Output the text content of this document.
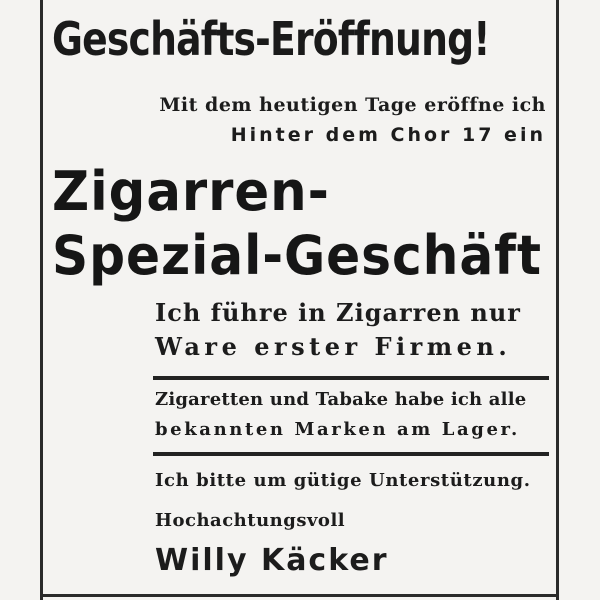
Geschäfts-Eröffnung!
Mit dem heutigen Tage eröffne ich
Hinter dem Chor 17 ein
Zigarren-
Spezial-Geschäft
Ich führe in Zigarren nur
Ware erster Firmen.
Zigaretten und Tabake habe ich alle
bekannten Marken am Lager.
Ich bitte um gütige Unterstützung.
Hochachtungsvoll
Willy Käcker
